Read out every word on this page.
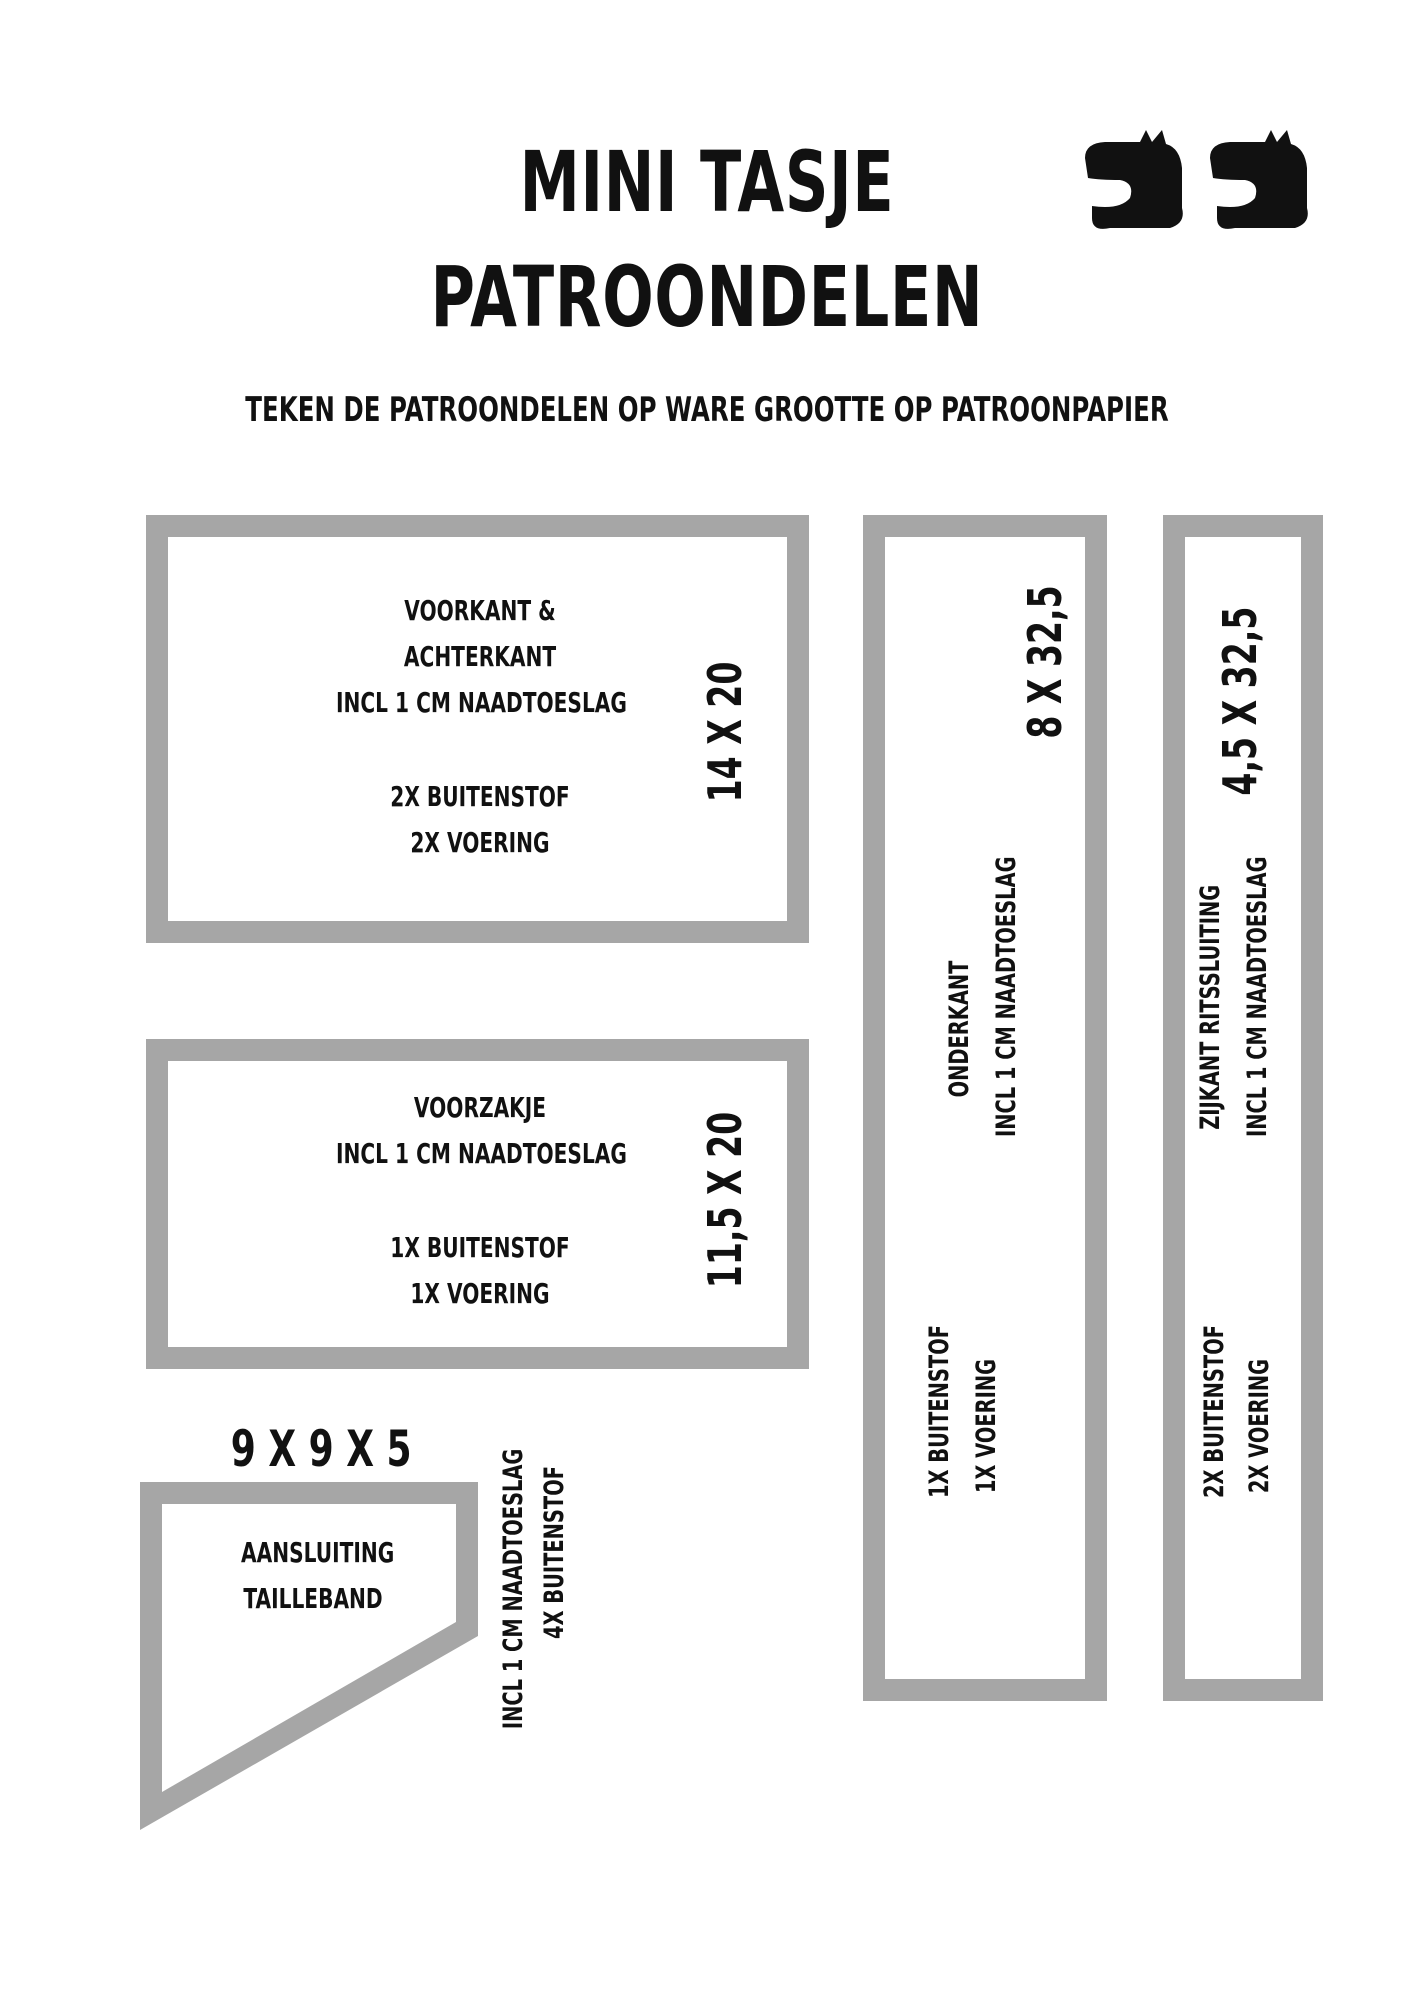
MINI TASJE
PATROONDELEN
TEKEN DE PATROONDELEN OP WARE GROOTTE OP PATROONPAPIER
VOORKANT &
ACHTERKANT
INCL 1 CM NAADTOESLAG
2X BUITENSTOF
2X VOERING
14 X 20
VOORZAKJE
INCL 1 CM NAADTOESLAG
1X BUITENSTOF
1X VOERING
11,5 X 20
9 X 9 X 5
AANSLUITING
TAILLEBAND	INCL 1 CM NAADTOESLAG 4X BUITENSTOF
8 X 32,5
ONDERKANT INCL 1 CM NAADTOESLAG
1X BUITENSTOF 1X VOERING
4,5 X 32,5
ZIJKANT RITSSLUITING INCL 1 CM NAADTOESLAG
2X BUITENSTOF 2X VOERING
